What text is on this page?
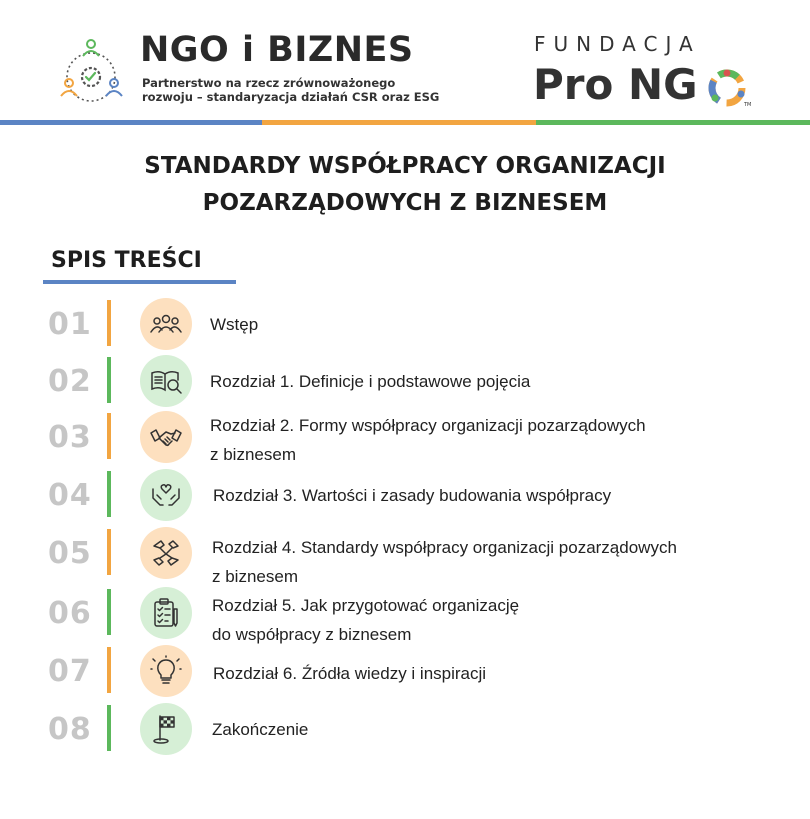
NGO i BIZNES
Partnerstwo na rzecz zrównoważonego
rozwoju – standaryzacja działań CSR oraz ESG
FUNDACJA
Pro NG	TM
STANDARDY WSPÓŁPRACY ORGANIZACJI
POZARZĄDOWYCH Z BIZNESEM
SPIS TREŚCI
01	Wstęp
02	Rozdział 1. Definicje i podstawowe pojęcia
03	Rozdział 2. Formy współpracy organizacji pozarządowych
z biznesem
04	Rozdział 3. Wartości i zasady budowania współpracy
05	Rozdział 4. Standardy współpracy organizacji pozarządowych
z biznesem
06	Rozdział 5. Jak przygotować organizację
do współpracy z biznesem
07	Rozdział 6. Źródła wiedzy i inspiracji
08	Zakończenie
